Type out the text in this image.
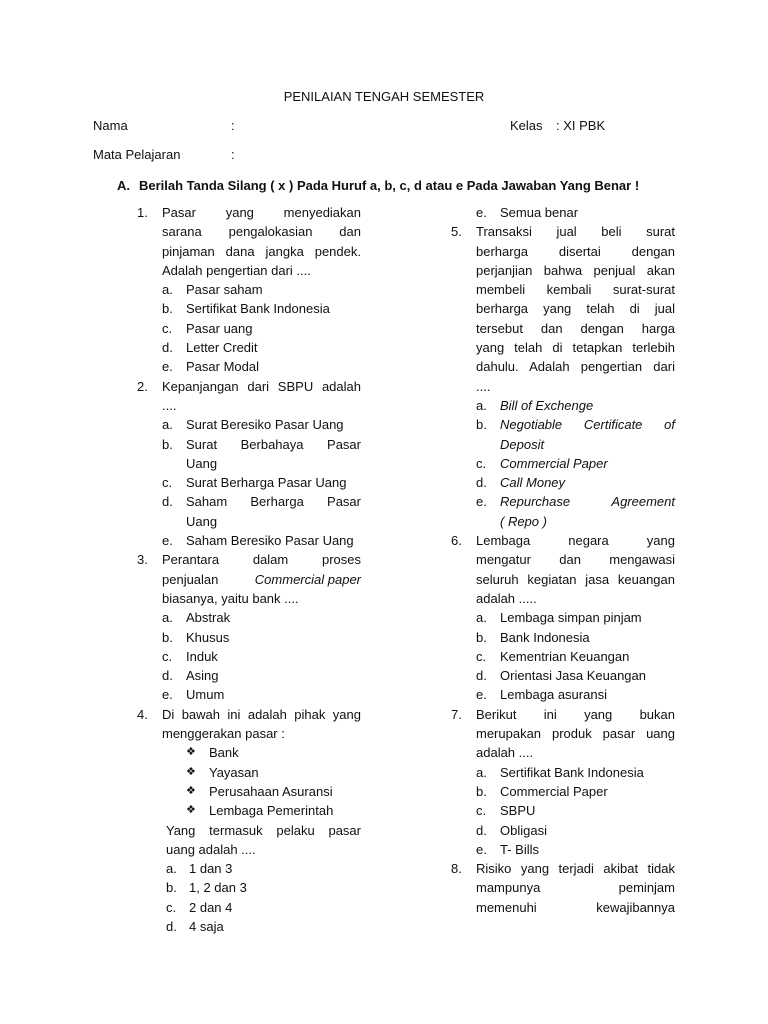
PENILAIAN TENGAH SEMESTER
Nama	:	Kelas : XI PBK
Mata Pelajaran	:
A. Berilah Tanda Silang ( x ) Pada Huruf a, b, c, d atau e Pada Jawaban Yang Benar !
1. Pasar yang menyediakan
sarana pengalokasian dan
pinjaman dana jangka pendek.
Adalah pengertian dari ....
a. Pasar saham
b. Sertifikat Bank Indonesia
c. Pasar uang
d. Letter Credit
e. Pasar Modal
2. Kepanjangan dari SBPU adalah
....
a. Surat Beresiko Pasar Uang
b. Surat Berbahaya Pasar
Uang
c. Surat Berharga Pasar Uang
d. Saham Berharga Pasar
Uang
e. Saham Beresiko Pasar Uang
3. Perantara dalam proses
penjualan	Commercial paper
biasanya, yaitu bank ....
a. Abstrak
b. Khusus
c. Induk
d. Asing
e. Umum
4. Di bawah ini adalah pihak yang
menggerakan pasar :
❖ Bank
❖ Yayasan
❖ Perusahaan Asuransi
❖ Lembaga Pemerintah
Yang termasuk pelaku pasar
uang adalah ....
a. 1 dan 3
b. 1, 2 dan 3
c. 2 dan 4
d. 4 saja
e. Semua benar
5. Transaksi jual beli surat
berharga disertai dengan
perjanjian bahwa penjual akan
membeli kembali surat-surat
berharga yang telah di jual
tersebut dan dengan harga
yang telah di tetapkan terlebih
dahulu. Adalah pengertian dari
....
a. Bill of Exchenge
b. Negotiable Certificate of
Deposit
c. Commercial Paper
d. Call Money
e. Repurchase Agreement
( Repo )
6. Lembaga negara yang
mengatur dan mengawasi
seluruh kegiatan jasa keuangan
adalah .....
a. Lembaga simpan pinjam
b. Bank Indonesia
c. Kementrian Keuangan
d. Orientasi Jasa Keuangan
e. Lembaga asuransi
7. Berikut ini yang bukan
merupakan produk pasar uang
adalah ....
a. Sertifikat Bank Indonesia
b. Commercial Paper
c. SBPU
d. Obligasi
e. T- Bills
8. Risiko yang terjadi akibat tidak
mampunya peminjam
memenuhi kewajibannya
